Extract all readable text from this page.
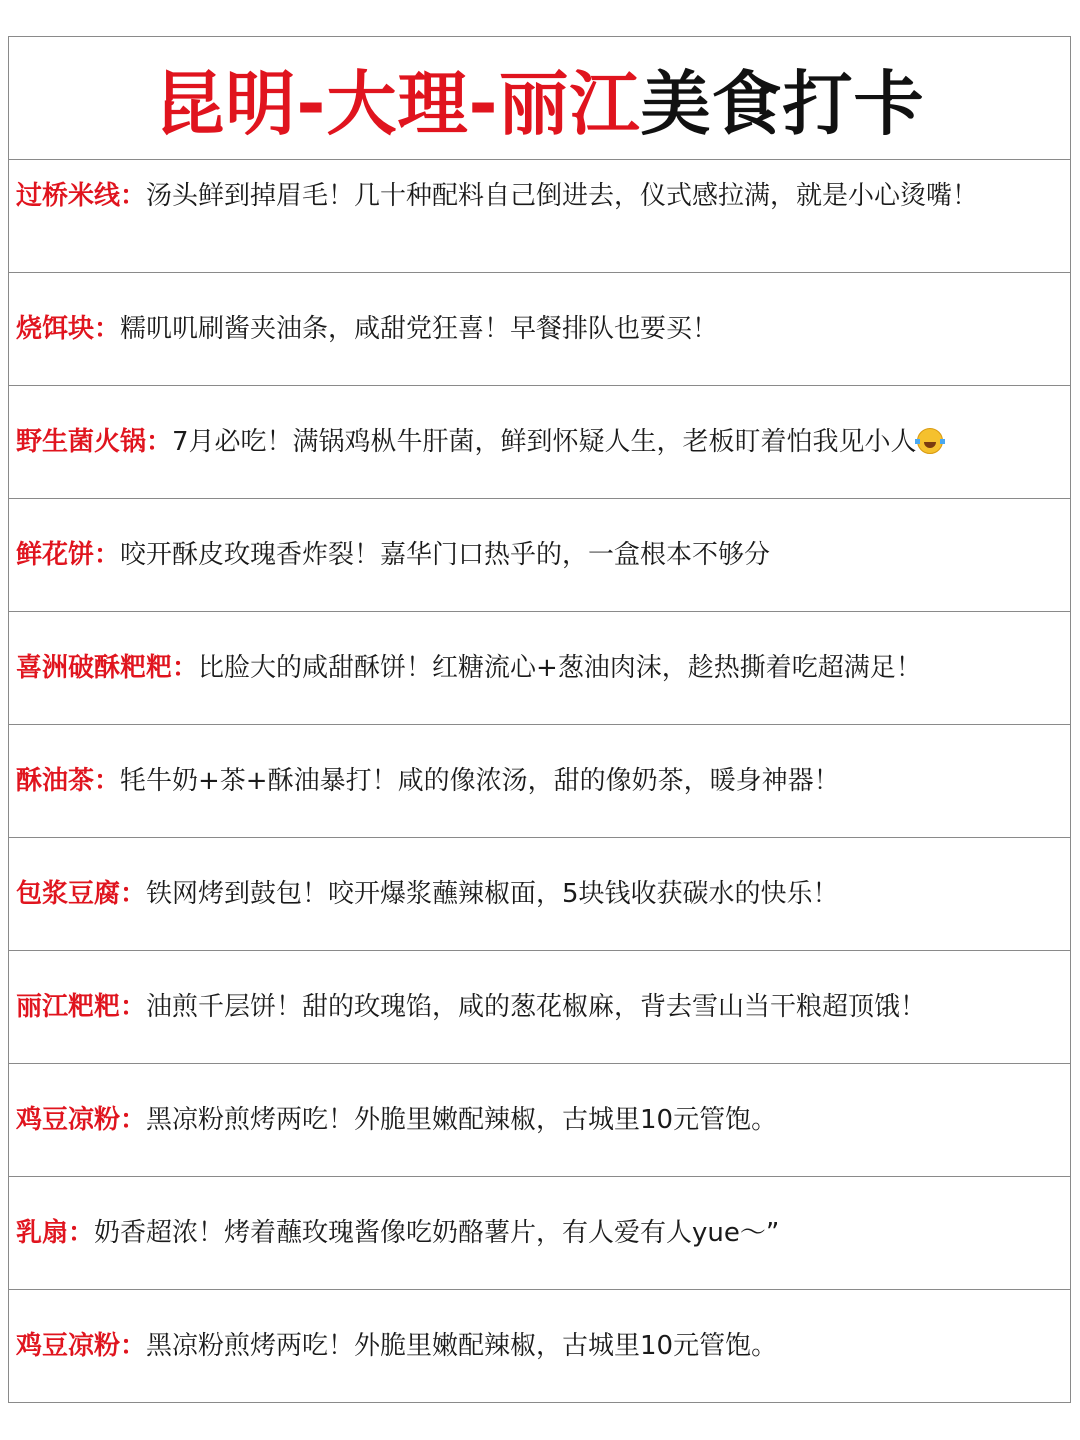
昆明-大理-丽江 美食打卡

过桥米线：汤头鲜到掉眉毛！几十种配料自己倒进去，仪式感拉满，就是小心烫嘴！

烧饵块：糯叽叽刷酱夹油条，咸甜党狂喜！早餐排队也要买！

野生菌火锅：7月必吃！满锅鸡枞牛肝菌，鲜到怀疑人生，老板盯着怕我见小人

鲜花饼：咬开酥皮玫瑰香炸裂！嘉华门口热乎的，一盒根本不够分

喜洲破酥粑粑：比脸大的咸甜酥饼！红糖流心+葱油肉沫，趁热撕着吃超满足！

酥油茶：牦牛奶+茶+酥油暴打！咸的像浓汤，甜的像奶茶，暖身神器！

包浆豆腐：铁网烤到鼓包！咬开爆浆蘸辣椒面，5块钱收获碳水的快乐！

丽江粑粑：油煎千层饼！甜的玫瑰馅，咸的葱花椒麻，背去雪山当干粮超顶饿！

鸡豆凉粉：黑凉粉煎烤两吃！外脆里嫩配辣椒，古城里10元管饱。

乳扇：奶香超浓！烤着蘸玫瑰酱像吃奶酪薯片，有人爱有人yue～”

鸡豆凉粉：黑凉粉煎烤两吃！外脆里嫩配辣椒，古城里10元管饱。
